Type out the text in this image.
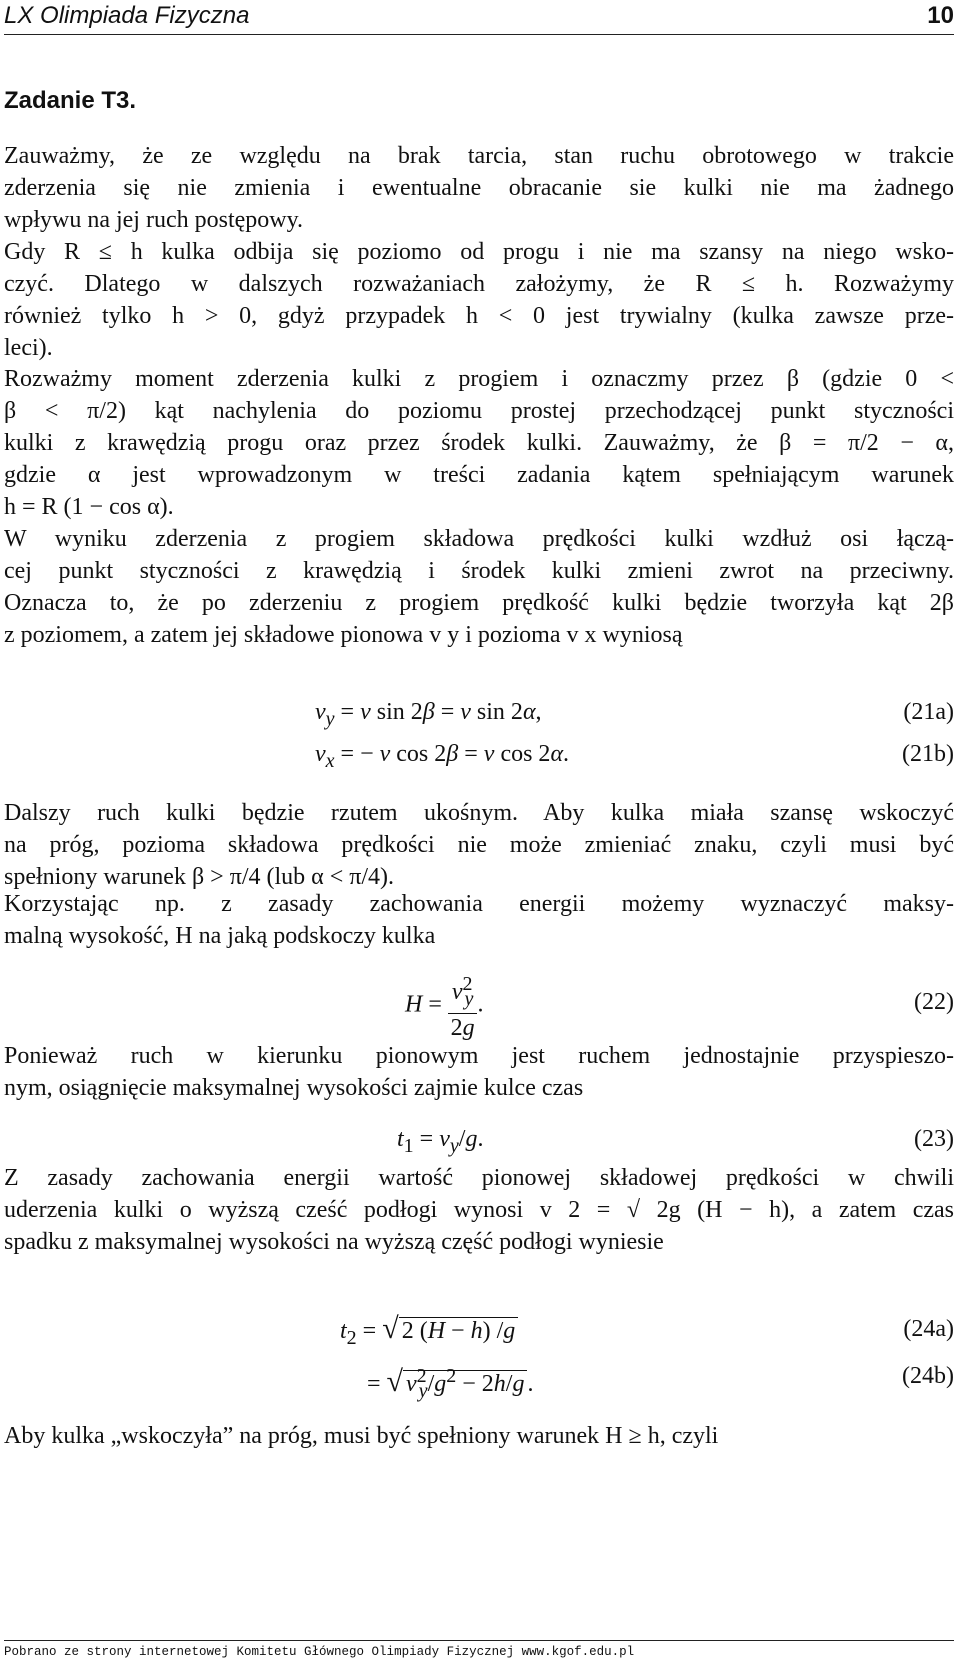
LX Olimpiada Fizyczna	10
Zadanie T3.
Zauważmy, że ze względu na brak tarcia, stan ruchu obrotowego w trakcie
zderzenia się nie zmienia i ewentualne obracanie sie kulki nie ma żadnego
wpływu na jej ruch postępowy.
Gdy R ≤ h kulka odbija się poziomo od progu i nie ma szansy na niego wsko-
czyć. Dlatego w dalszych rozważaniach założymy, że R ≤ h. Rozważymy
również tylko h > 0, gdyż przypadek h < 0 jest trywialny (kulka zawsze prze-
leci).
Rozważmy moment zderzenia kulki z progiem i oznaczmy przez β (gdzie 0 <
β < π/2) kąt nachylenia do poziomu prostej przechodzącej punkt styczności
kulki z krawędzią progu oraz przez środek kulki. Zauważmy, że β = π/2 − α,
gdzie α jest wprowadzonym w treści zadania kątem spełniającym warunek
h = R (1 − cos α).
W wyniku zderzenia z progiem składowa prędkości kulki wzdłuż osi łączą-
cej punkt styczności z krawędzią i środek kulki zmieni zwrot na przeciwny.
Oznacza to, że po zderzeniu z progiem prędkość kulki będzie tworzyła kąt 2β
z poziomem, a zatem jej składowe pionowa v y i pozioma v x wyniosą
$v_y = v$ sin 2β = v sin 2α,	(21a)
$v_x$ = − v cos 2β = v cos 2α.	(21b)
Dalszy ruch kulki będzie rzutem ukośnym. Aby kulka miała szansę wskoczyć
na próg, pozioma składowa prędkości nie może zmieniać znaku, czyli musi być
spełniony warunek β > π/4 (lub α < π/4).
Korzystając np. z zasady zachowania energii możemy wyznaczyć maksy-
malną wysokość, H na jaką podskoczy kulka
$H = \frac{v^2_y}{2g}$ .	(22)
Ponieważ ruch w kierunku pionowym jest ruchem jednostajnie przyspieszo-
nym, osiągnięcie maksymalnej wysokości zajmie kulce czas
$t_1 = v_y/g$.	(23)
Z zasady zachowania energii wartość pionowej składowej prędkości w chwili
uderzenia kulki o wyższą cześć podłogi wynosi v 2 = √ 2g (H − h), a zatem czas
spadku z maksymalnej wysokości na wyższą część podłogi wyniesie
$t_2$ = √ 2 (H − h) /g	(24a)
= √ $v^2_y/g^2 - 2h/g$ .	(24b)
Aby kulka „wskoczyła” na próg, musi być spełniony warunek H ≥ h, czyli
Pobrano ze strony internetowej Komitetu Głównego Olimpiady Fizycznej www.kgof.edu.pl
